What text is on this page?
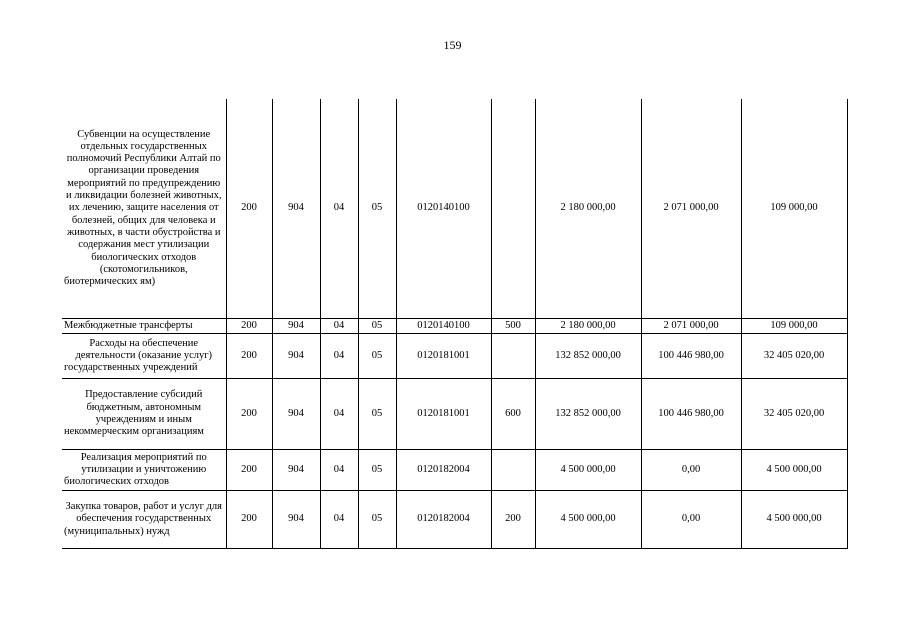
159
Субвенции на осуществление отдельных государственных полномочий Республики Алтай по организации проведения мероприятий по предупреждению и ликвидации болезней животных, их лечению, защите населения от болезней, общих для человека и животных, в части обустройства и содержания мест утилизации биологических отходов (скотомогильников, биотермических ям)	200	904	04	05	0120140100		2 180 000,00	2 071 000,00	109 000,00
Межбюджетные трансферты	200	904	04	05	0120140100	500	2 180 000,00	2 071 000,00	109 000,00
Расходы на обеспечение деятельности (оказание услуг) государственных учреждений	200	904	04	05	0120181001		132 852 000,00	100 446 980,00	32 405 020,00
Предоставление субсидий бюджетным, автономным учреждениям и иным некоммерческим организациям	200	904	04	05	0120181001	600	132 852 000,00	100 446 980,00	32 405 020,00
Реализация мероприятий по утилизации и уничтожению биологических отходов	200	904	04	05	0120182004		4 500 000,00	0,00	4 500 000,00
Закупка товаров, работ и услуг для обеспечения государственных (муниципальных) нужд	200	904	04	05	0120182004	200	4 500 000,00	0,00	4 500 000,00
